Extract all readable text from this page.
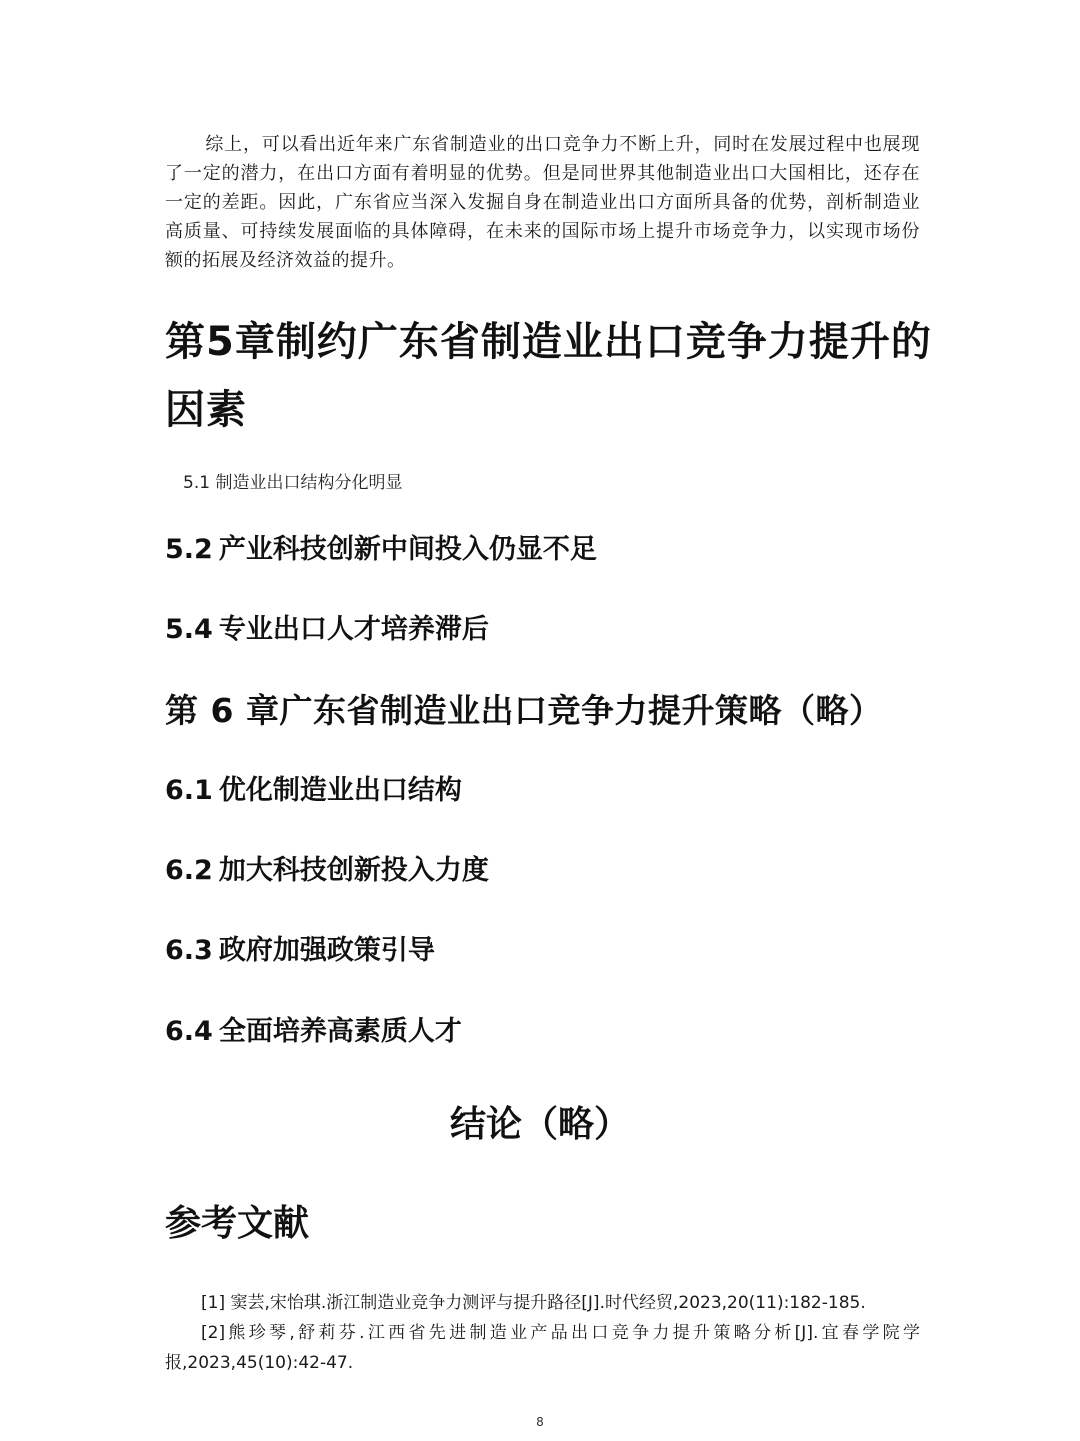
综上，可以看出近年来广东省制造业的出口竞争力不断上升，同时在发展过程中也展现了一定的潜力，在出口方面有着明显的优势。但是同世界其他制造业出口大国相比，还存在一定的差距。因此，广东省应当深入发掘自身在制造业出口方面所具备的优势，剖析制造业高质量、可持续发展面临的具体障碍，在未来的国际市场上提升市场竞争力，以实现市场份额的拓展及经济效益的提升。

第5章制约广东省制造业出口竞争力提升的因素

5.1 制造业出口结构分化明显

5.2 产业科技创新中间投入仍显不足
5.4 专业出口人才培养滞后
第 6 章广东省制造业出口竞争力提升策略（略）
6.1 优化制造业出口结构
6.2 加大科技创新投入力度
6.3 政府加强政策引导
6.4 全面培养高素质人才
结论（略）
参考文献

[1] 窦芸,宋怡琪.浙江制造业竞争力测评与提升路径[J].时代经贸,2023,20(11):182-185.

[2]熊珍琴,舒莉芬.江西省先进制造业产品出口竞争力提升策略分析[J].宜春学院学报,2023,45(10):42-47.

8
